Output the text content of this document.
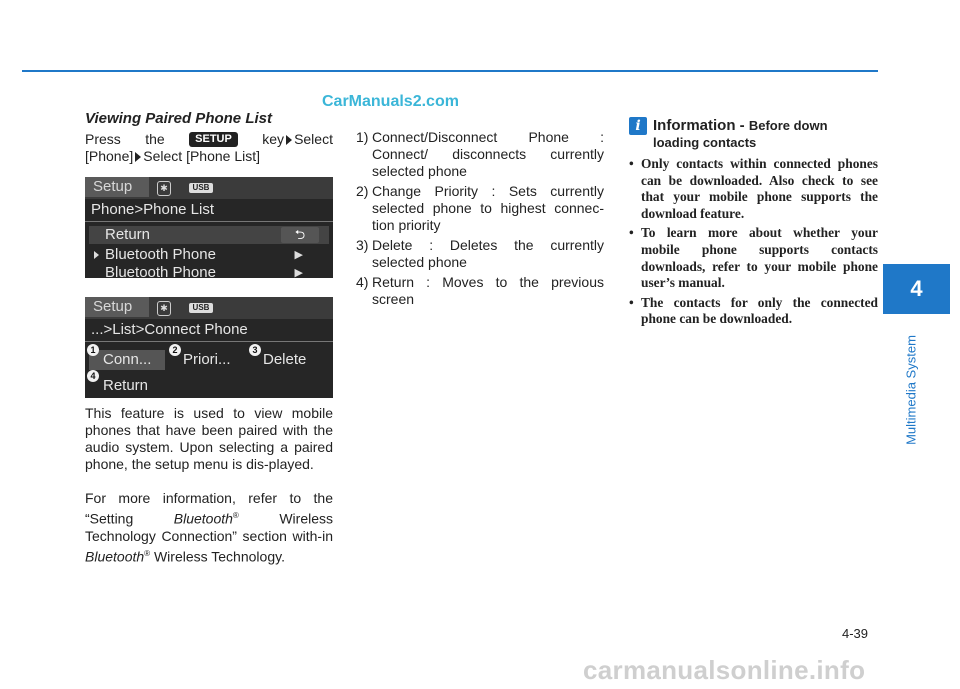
CarManuals2.com
Viewing Paired Phone List
Press the	SETUP	key Select
[Phone] Select [Phone List]
Setup	✱	USB
Phone>Phone List
Return	⮌
Bluetooth Phone	▶
Bluetooth Phone	▶
Setup	✱	USB
...>List>Connect Phone
1
Conn...
2
Priori...
3
Delete
4
Return
This feature is used to view mobile phones that have been paired with the audio system. Upon selecting a paired phone, the setup menu is dis-played.
For more information, refer to the “Setting	Bluetooth®	Wireless Technology Connection” section with-in Bluetooth® Wireless Technology.
1) Connect/Disconnect Phone : Connect/ disconnects currently selected phone
2) Change Priority : Sets currently selected phone to highest connec-tion priority
3) Delete : Deletes the currently selected phone
4) Return : Moves to the previous screen
i Information - Before down
loading contacts
• Only contacts within connected phones can be downloaded. Also check to see that your mobile phone supports the download feature.
• To learn more about whether your mobile phone supports contacts downloads, refer to your mobile phone user’s manual.
• The contacts for only the connected phone can be downloaded.
4
Multimedia System
4-39
carmanualsonline.info
